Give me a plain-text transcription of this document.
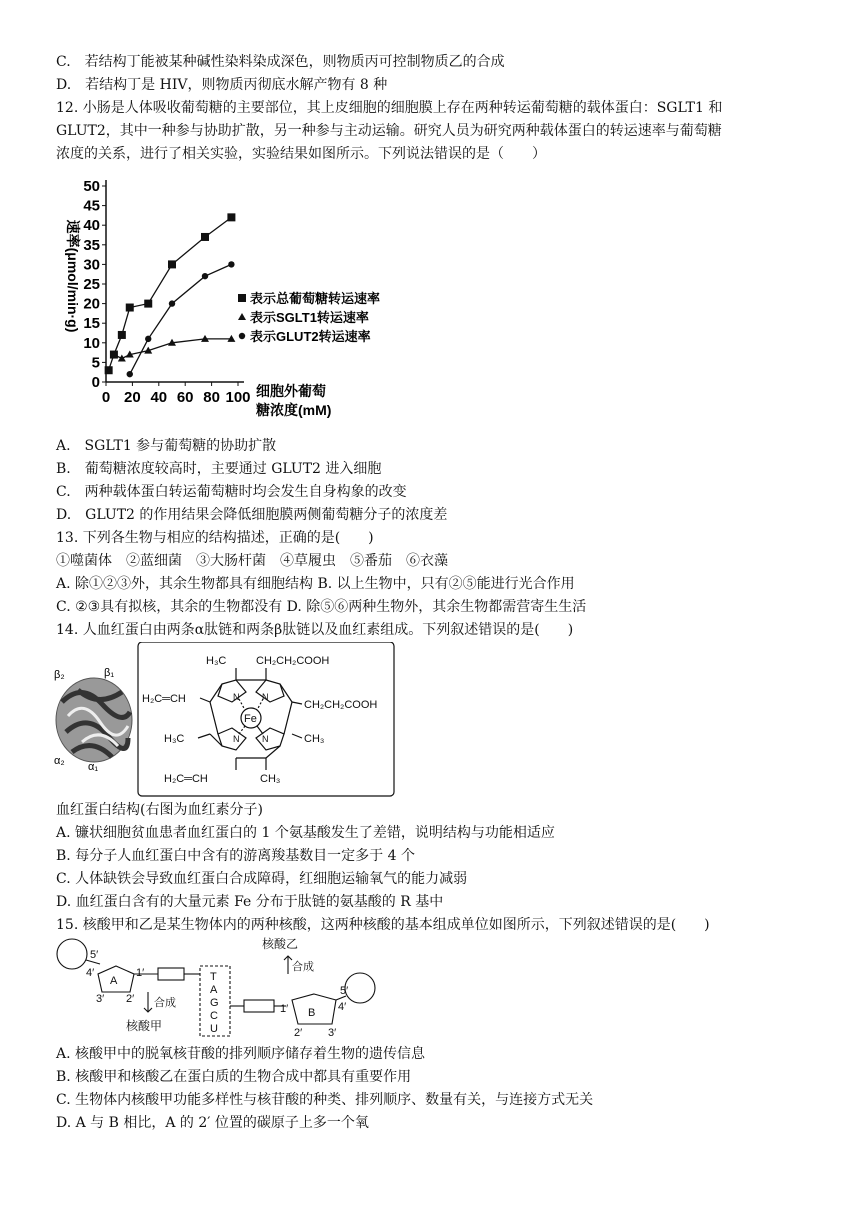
C.　若结构丁能被某种碱性染料染成深色，则物质丙可控制物质乙的合成
D.　若结构丁是 HIV，则物质丙彻底水解产物有 8 种
12. 小肠是人体吸收葡萄糖的主要部位，其上皮细胞的细胞膜上存在两种转运葡萄糖的载体蛋白：SGLT1 和
GLUT2，其中一种参与协助扩散，另一种参与主动运输。研究人员为研究两种载体蛋白的转运速率与葡萄糖
浓度的关系，进行了相关实验，实验结果如图所示。下列说法错误的是（　　）
0
5
10
15
20
25
30
35
40
45
50
0 20 40 60 80 100
表示总葡萄糖转运速率
表示SGLT1转运速率
表示GLUT2转运速率
速率(μmol/min·g)
细胞外葡萄
糖浓度(mM)
A.　SGLT1 参与葡萄糖的协助扩散
B.　葡萄糖浓度较高时，主要通过 GLUT2 进入细胞
C.　两种载体蛋白转运葡萄糖时均会发生自身构象的改变
D.　GLUT2 的作用结果会降低细胞膜两侧葡萄糖分子的浓度差
13. 下列各生物与相应的结构描述，正确的是(　　)
①噬菌体　②蓝细菌　③大肠杆菌　④草履虫　⑤番茄　⑥衣藻
A. 除①②③外，其余生物都具有细胞结构 B. 以上生物中，只有②⑤能进行光合作用
C. ②③具有拟核，其余的生物都没有 D. 除⑤⑥两种生物外，其余生物都需营寄生生活
14. 人血红蛋白由两条α肽链和两条β肽链以及血红素组成。下列叙述错误的是(　　)
β₂	β₁
α₂ α₁
H₃C	CH₂CH₂COOH
CH₂CH₂COOH
H₂C═CH
H₃C	CH₃
H₂C═CH	CH₃
Fe
N	N
N	N
血红蛋白结构(右图为血红素分子)
A. 镰状细胞贫血患者血红蛋白的 1 个氨基酸发生了差错，说明结构与功能相适应
B. 每分子人血红蛋白中含有的游离羧基数目一定多于 4 个
C. 人体缺铁会导致血红蛋白合成障碍，红细胞运输氧气的能力减弱
D. 血红蛋白含有的大量元素 Fe 分布于肽链的氨基酸的 R 基中
15. 核酸甲和乙是某生物体内的两种核酸，这两种核酸的基本组成单位如图所示，下列叙述错误的是(　　)
5′
4′
A
1′
3′ 2′ 合成
核酸甲
T
A
G
C
U
1′ B
5′
4′
2′ 3′
合成
核酸乙
A. 核酸甲中的脱氧核苷酸的排列顺序储存着生物的遗传信息
B. 核酸甲和核酸乙在蛋白质的生物合成中都具有重要作用
C. 生物体内核酸甲功能多样性与核苷酸的种类、排列顺序、数量有关，与连接方式无关
D. A 与 B 相比，A 的 2′ 位置的碳原子上多一个氧
